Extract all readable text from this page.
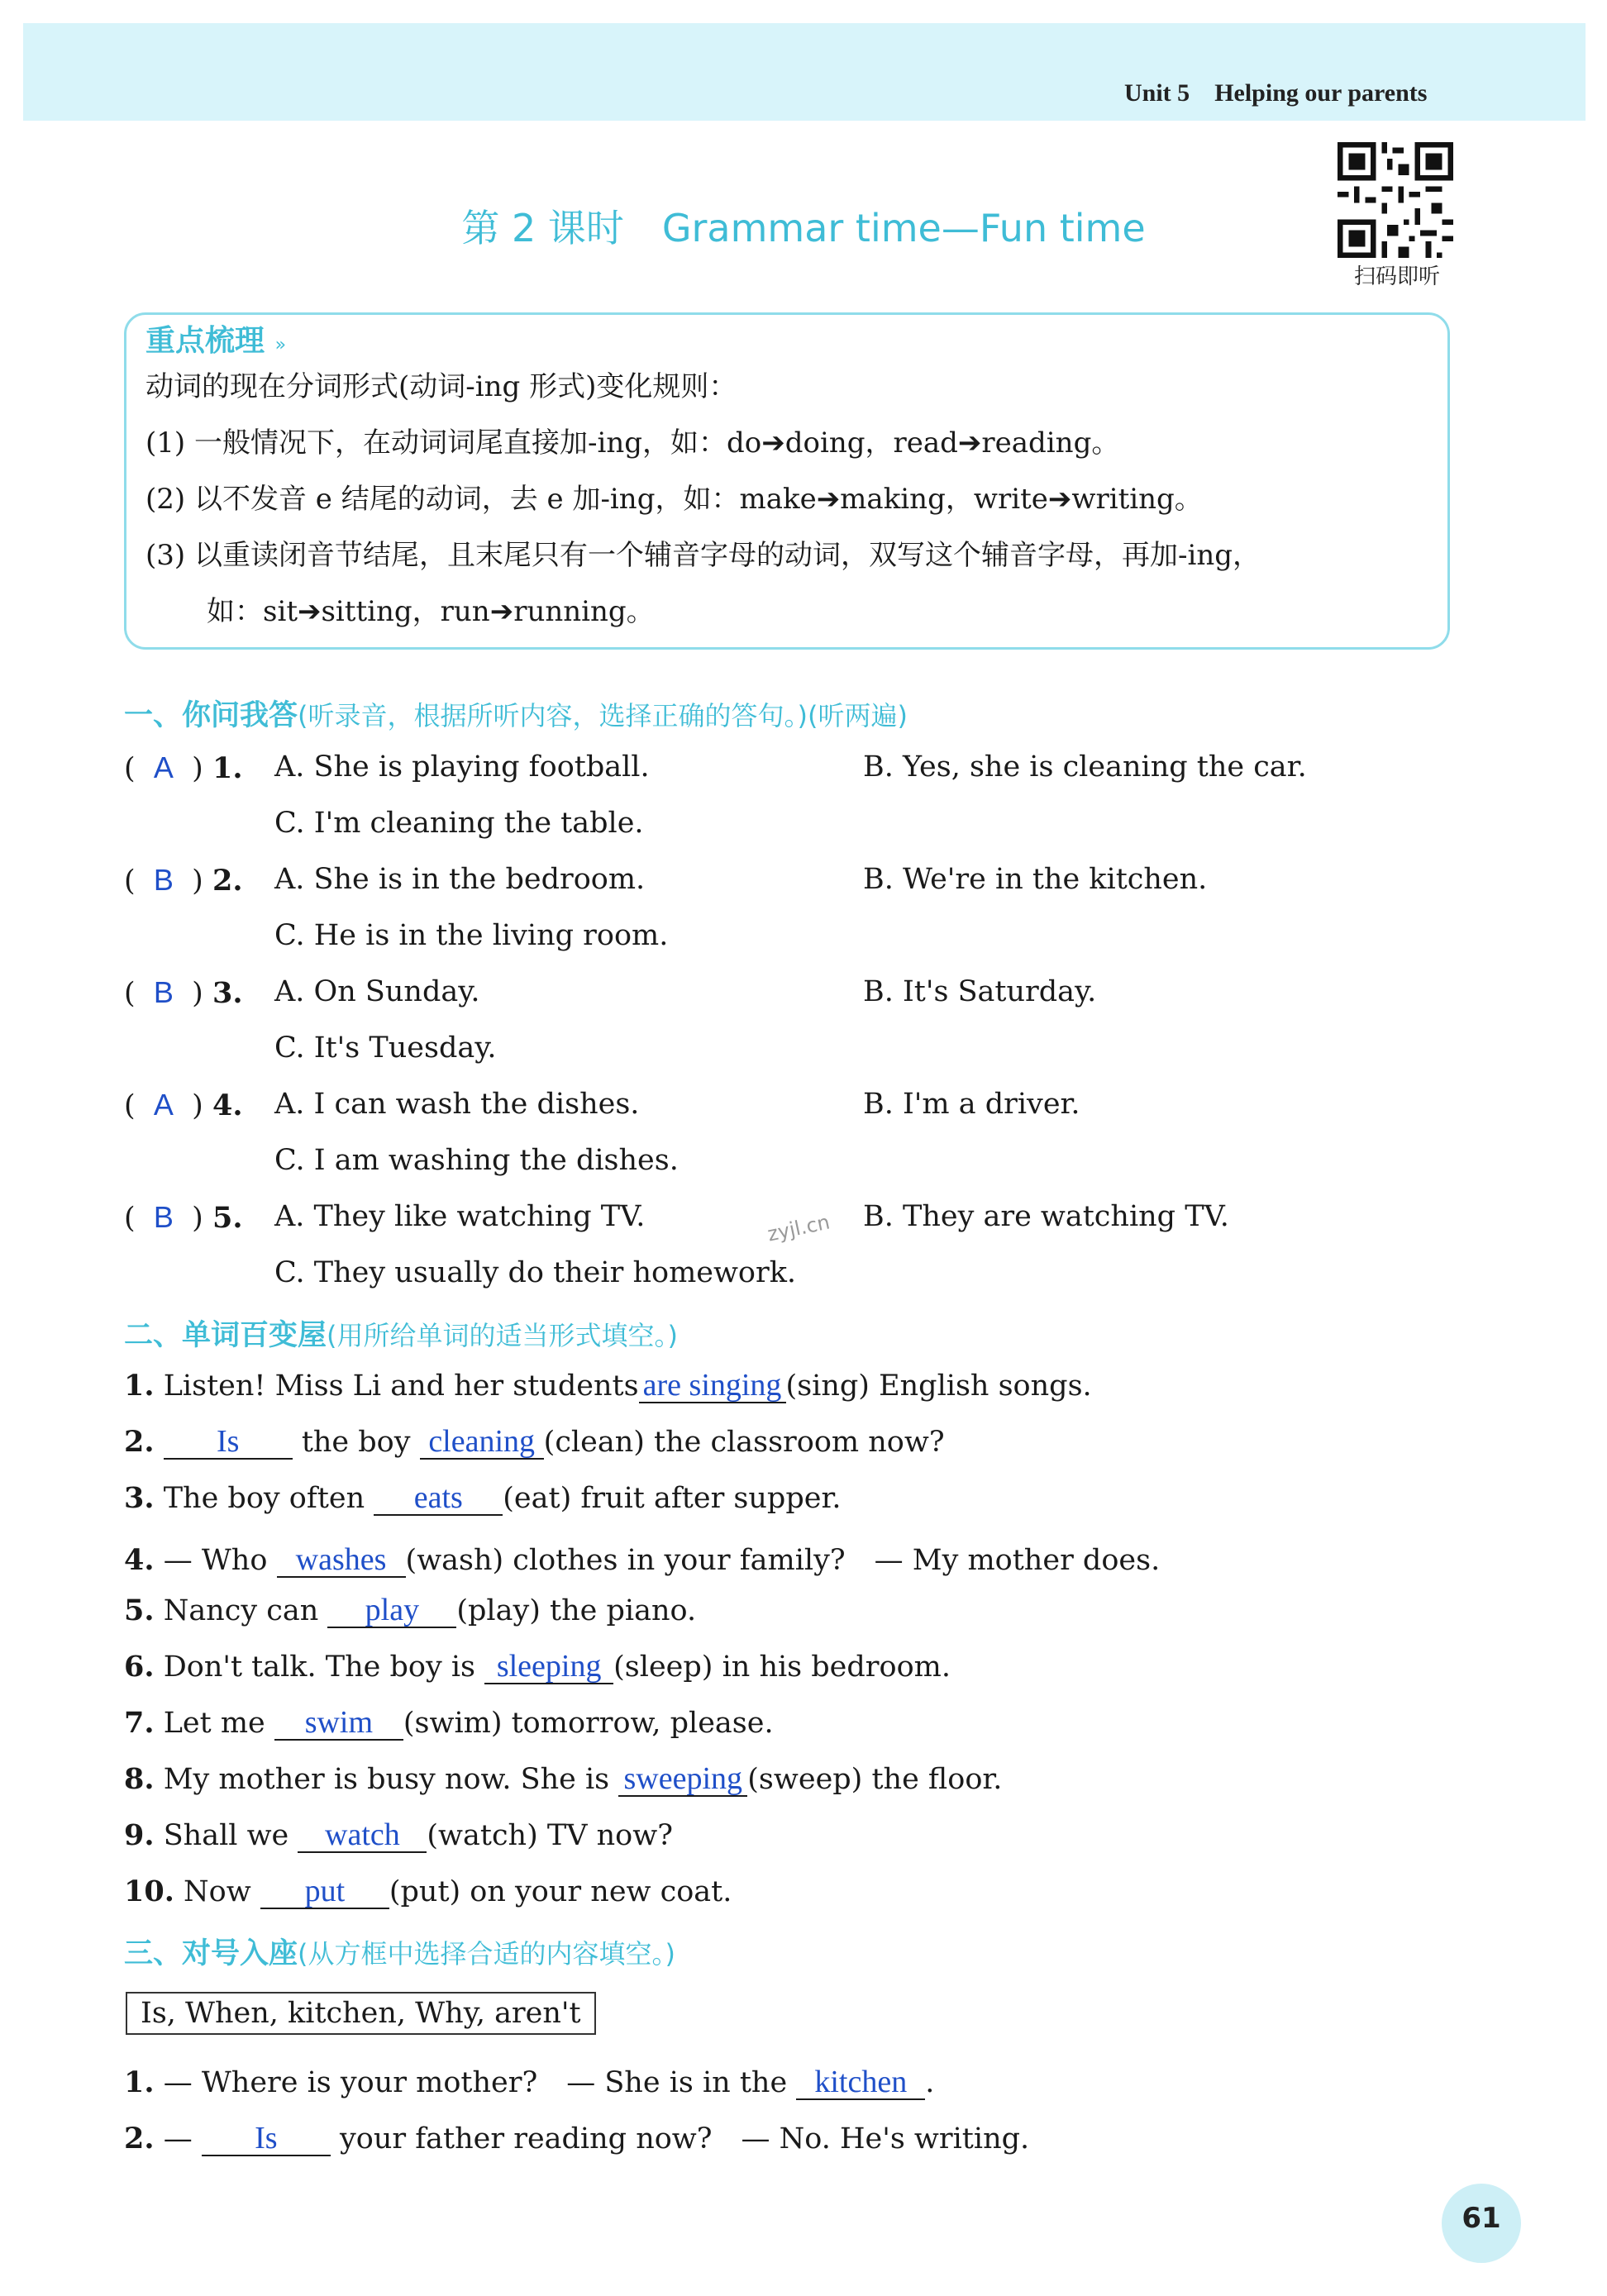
Unit 5 Helping our parents
第 2 课时　Grammar time—Fun time
扫码即听
重点梳理 »
动词的现在分词形式(动词-ing 形式)变化规则：
(1) 一般情况下，在动词词尾直接加-ing，如：do➔doing，read➔reading。
(2) 以不发音 e 结尾的动词，去 e 加-ing，如：make➔making，write➔writing。
(3) 以重读闭音节结尾，且末尾只有一个辅音字母的动词，双写这个辅音字母，再加-ing，
如：sit➔sitting，run➔running。
一、你问我答(听录音，根据所听内容，选择正确的答句。)(听两遍)
(  A  ) 1. A. She is playing football.	B. Yes, she is cleaning the car.
C. I'm cleaning the table.
(  B  ) 2. A. She is in the bedroom.	B. We're in the kitchen.
C. He is in the living room.
(  B  ) 3. A. On Sunday.	B. It's Saturday.
C. It's Tuesday.
(  A  ) 4. A. I can wash the dishes.	B. I'm a driver.
C. I am washing the dishes.
(  B  ) 5. A. They like watching TV.	B. They are watching TV.
C. They usually do their homework.
zyjl.cn
二、单词百变屋(用所给单词的适当形式填空。)
1. Listen! Miss Li and her students are singing (sing) English songs.
2. Is the boy cleaning (clean) the classroom now?
3. The boy often eats (eat) fruit after supper.
4. — Who washes (wash) clothes in your family?　— My mother does.
5. Nancy can play (play) the piano.
6. Don't talk. The boy is sleeping (sleep) in his bedroom.
7. Let me swim (swim) tomorrow, please.
8. My mother is busy now. She is sweeping (sweep) the floor.
9. Shall we watch (watch) TV now?
10. Now put (put) on your new coat.
三、对号入座(从方框中选择合适的内容填空。)
Is, When, kitchen, Why, aren't
1. — Where is your mother?　— She is in the kitchen .
2. — Is your father reading now?　— No. He's writing.
61
